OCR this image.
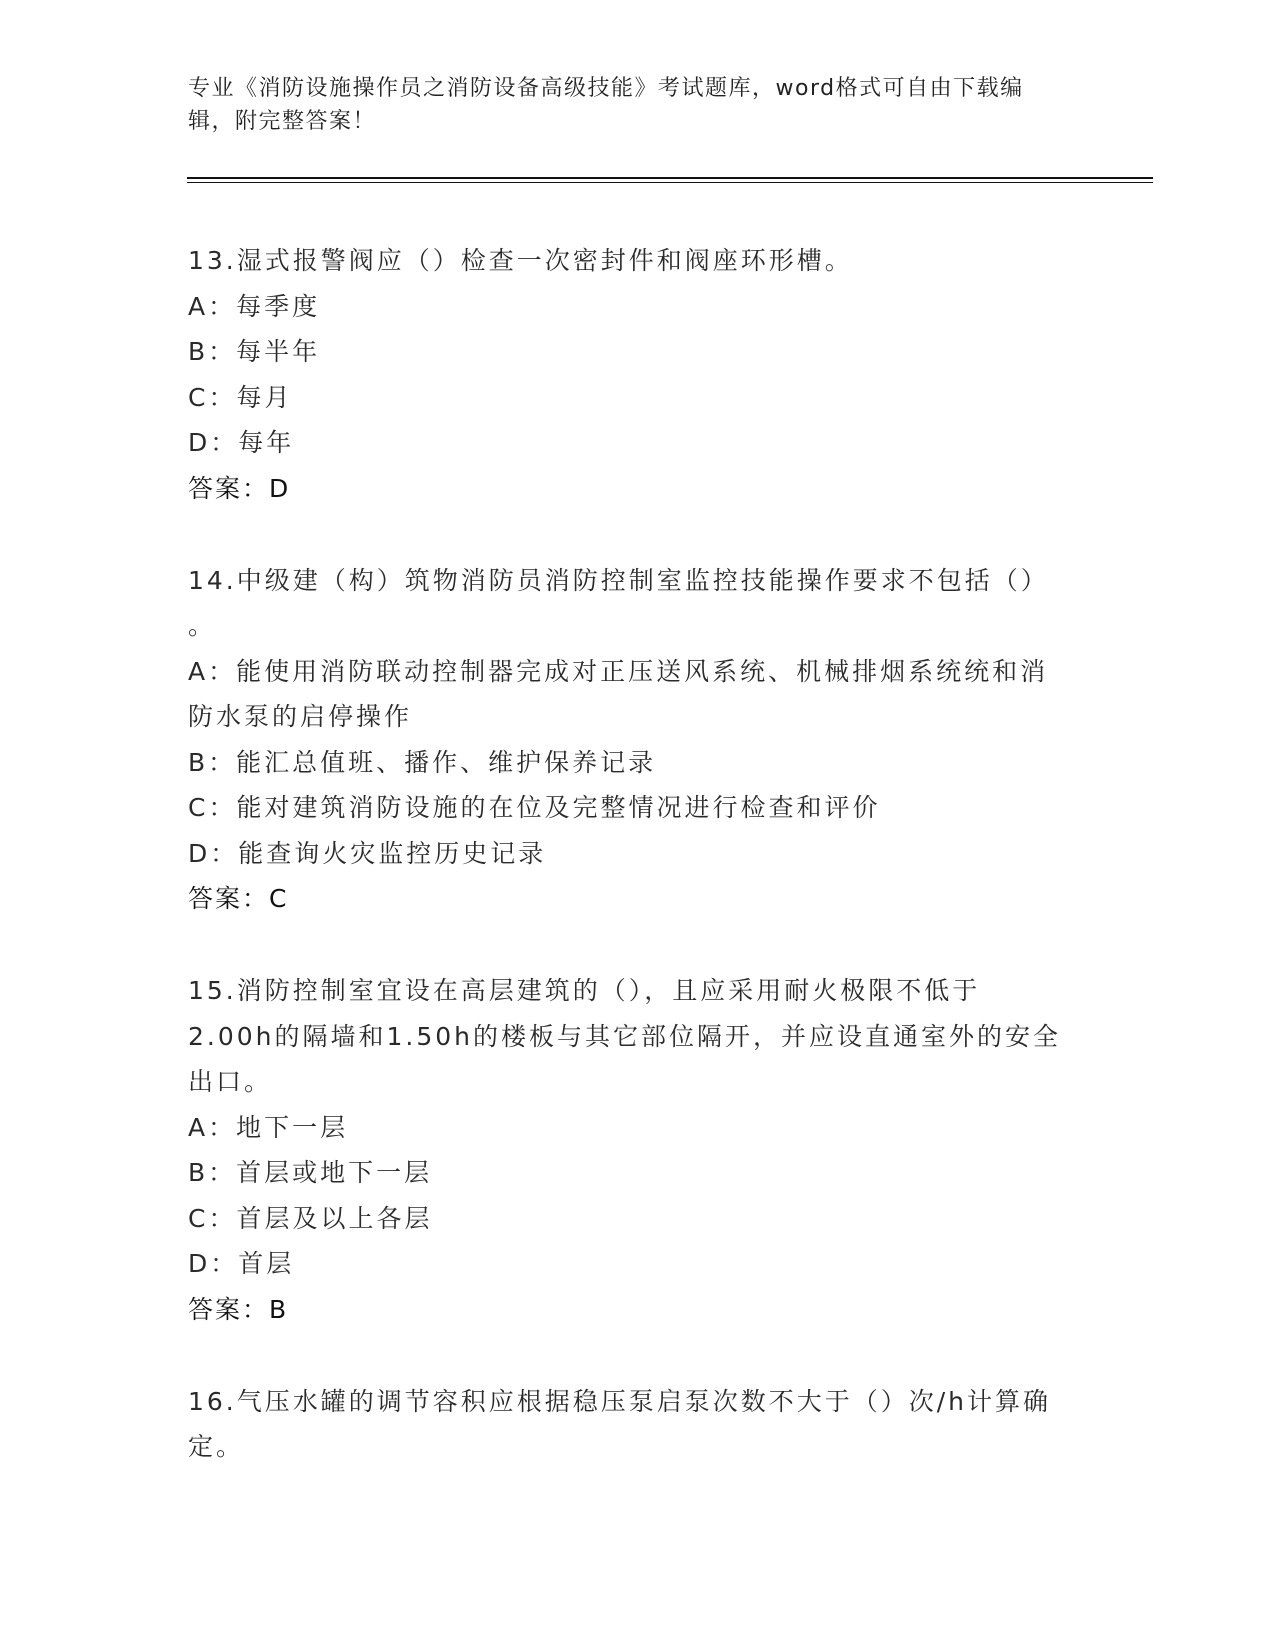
专业《消防设施操作员之消防设备高级技能》考试题库，word格式可自由下载编
辑，附完整答案！
13.湿式报警阀应（）检查一次密封件和阀座环形槽。
A：每季度
B：每半年
C：每月
D：每年
答案：D
14.中级建（构）筑物消防员消防控制室监控技能操作要求不包括（）
。
A：能使用消防联动控制器完成对正压送风系统、机械排烟系统统和消
防水泵的启停操作
B：能汇总值班、播作、维护保养记录
C：能对建筑消防设施的在位及完整情况进行检查和评价
D：能查询火灾监控历史记录
答案：C
15.消防控制室宜设在高层建筑的（），且应采用耐火极限不低于
2.00h的隔墙和1.50h的楼板与其它部位隔开，并应设直通室外的安全
出口。
A：地下一层
B：首层或地下一层
C：首层及以上各层
D：首层
答案：B
16.气压水罐的调节容积应根据稳压泵启泵次数不大于（）次/h计算确
定。
